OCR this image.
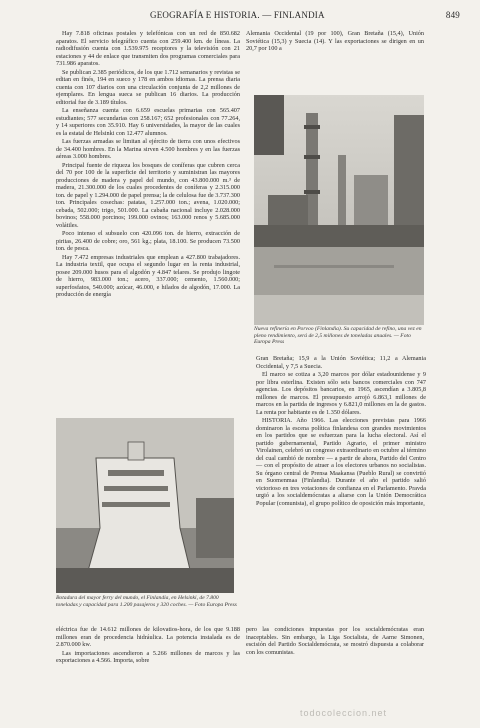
GEOGRAFÍA E HISTORIA. — FINLANDIA	849

Hay 7.818 oficinas postales y telefónicas con un red de 850.682 aparatos. El servicio telegráfico cuenta con 259.400 km. de líneas. La radiodifusión cuenta con 1.539.975 receptores y la televisión con 21 estaciones y 44 de enlace que transmiten dos programas comerciales para 731.986 aparatos.

Se publican 2.385 periódicos, de los que 1.712 semanarios y revistas se editan en finés, 194 en sueco y 178 en ambos idiomas. La prensa diaria cuenta con 107 diarios con una circulación conjunta de 2,2 millones de ejemplares. En lengua sueca se publican 16 diarios. La producción editorial fue de 3.189 títulos.

La enseñanza cuenta con 6.659 escuelas primarias con 565.407 estudiantes; 577 secundarias con 258.167; 652 profesionales con 77.264, y 14 superiores con 35.910. Hay 6 universidades, la mayor de las cuales es la estatal de Helsinki con 12.477 alumnos.

Las fuerzas armadas se limitan al ejército de tierra con unos efectivos de 34.400 hombres. En la Marina sirven 4.500 hombres y en las fuerzas aéreas 3.000 hombres.

Principal fuente de riqueza los bosques de coníferas que cubren cerca del 70 por 100 de la superficie del territorio y suministran las mayores producciones de madera y papel del mundo, con 43.800.000 m.³ de madera, 21.300.000 de los cuales procedentes de coníferas y 2.315.000 ton. de papel y 1.294.000 de papel prensa; la de celulosa fue de 3.737.300 ton. Principales cosechas: patatas, 1.257.000 ton.; avena, 1.020.000; cebada, 502.000; trigo, 501.000. La cabaña nacional incluye 2.028.000 bovinos; 558.000 porcinos; 199.000 ovinos; 163.000 renos y 5.685.000 volátiles.

Poco intenso el subsuelo con 420.096 ton. de hierro, extracción de piritas, 26.400 de cobre; oro, 561 kg.; plata, 18.100. Se producen 73.500 ton. de pesca.

Hay 7.472 empresas industriales que emplean a 427.800 trabajadores. La industria textil, que ocupa el segundo lugar en la renta industrial, posee 209.000 husos para el algodón y 4.847 telares. Se produjo lingote de hierro, 983.000 ton.; acero, 337.000; cemento, 1.560.000; superfosfatos, 540.000; azúcar, 46.000, e hilados de algodón, 17.000. La producción de energía

Alemania Occidental (19 por 100), Gran Bretaña (15,4), Unión Soviética (15,3) y Suecia (14). Y las exportaciones se dirigen en un 20,7 por 100 a

Nueva refinería en Porvoo (Finlandia). Su capacidad de refino, una vez en pleno rendimiento, será de 2,5 millones de toneladas anuales. — Foto Europa Press

Gran Bretaña; 15,9 a la Unión Soviética; 11,2 a Alemania Occidental, y 7,5 a Suecia.

El marco se cotiza a 3,20 marcos por dólar estadounidense y 9 por libra esterlina. Existen sólo seis bancos comerciales con 747 agencias. Los depósitos bancarios, en 1965, ascendían a 3.805,8 millones de marcos. El presupuesto arrojó 6.863,1 millones de marcos en la partida de ingresos y 6.821,0 millones en la de gastos. La renta por habitante es de 1.350 dólares.

HISTORIA. Año 1966. Las elecciones previstas para 1966 dominaron la escena política finlandesa con grandes movimientos en los partidos que se esfuerzan para la lucha electoral. Así el partido gubernamental, Partido Agrario, el primer ministro Virolainen, celebró un congreso extraordinario en octubre al término del cual cambió de nombre — a partir de ahora, Partido del Centro — con el propósito de atraer a los electores urbanos no socialistas. Su órgano central de Prensa Maakansa (Pueblo Rural) se convirtió en Suomenmaa (Finlandia). Durante el año el partido salió victorioso en tres votaciones de confianza en el Parlamento. Pravda urgió a los socialdemócratas a aliarse con la Unión Democrática Popular (comunista), el grupo político de oposición más importante,

Botadura del mayor ferry del mundo, el Finlandia, en Helsinki, de 7.800 toneladas y capacidad para 1.200 pasajeros y 320 coches. — Foto Europa Press

eléctrica fue de 14.612 millones de kilovatios-hora, de los que 9.188 millones eran de procedencia hidráulica. La potencia instalada es de 2.870.000 kw.

Las importaciones ascendieron a 5.266 millones de marcos y las exportaciones a 4.566. Importa, sobre

pero las condiciones impuestas por los socialdemócratas eran inaceptables. Sin embargo, la Liga Socialista, de Aarne Simonen, escisión del Partido Socialdemócrata, se mostró dispuesta a colaborar con los comunistas.

todocoleccion.net
